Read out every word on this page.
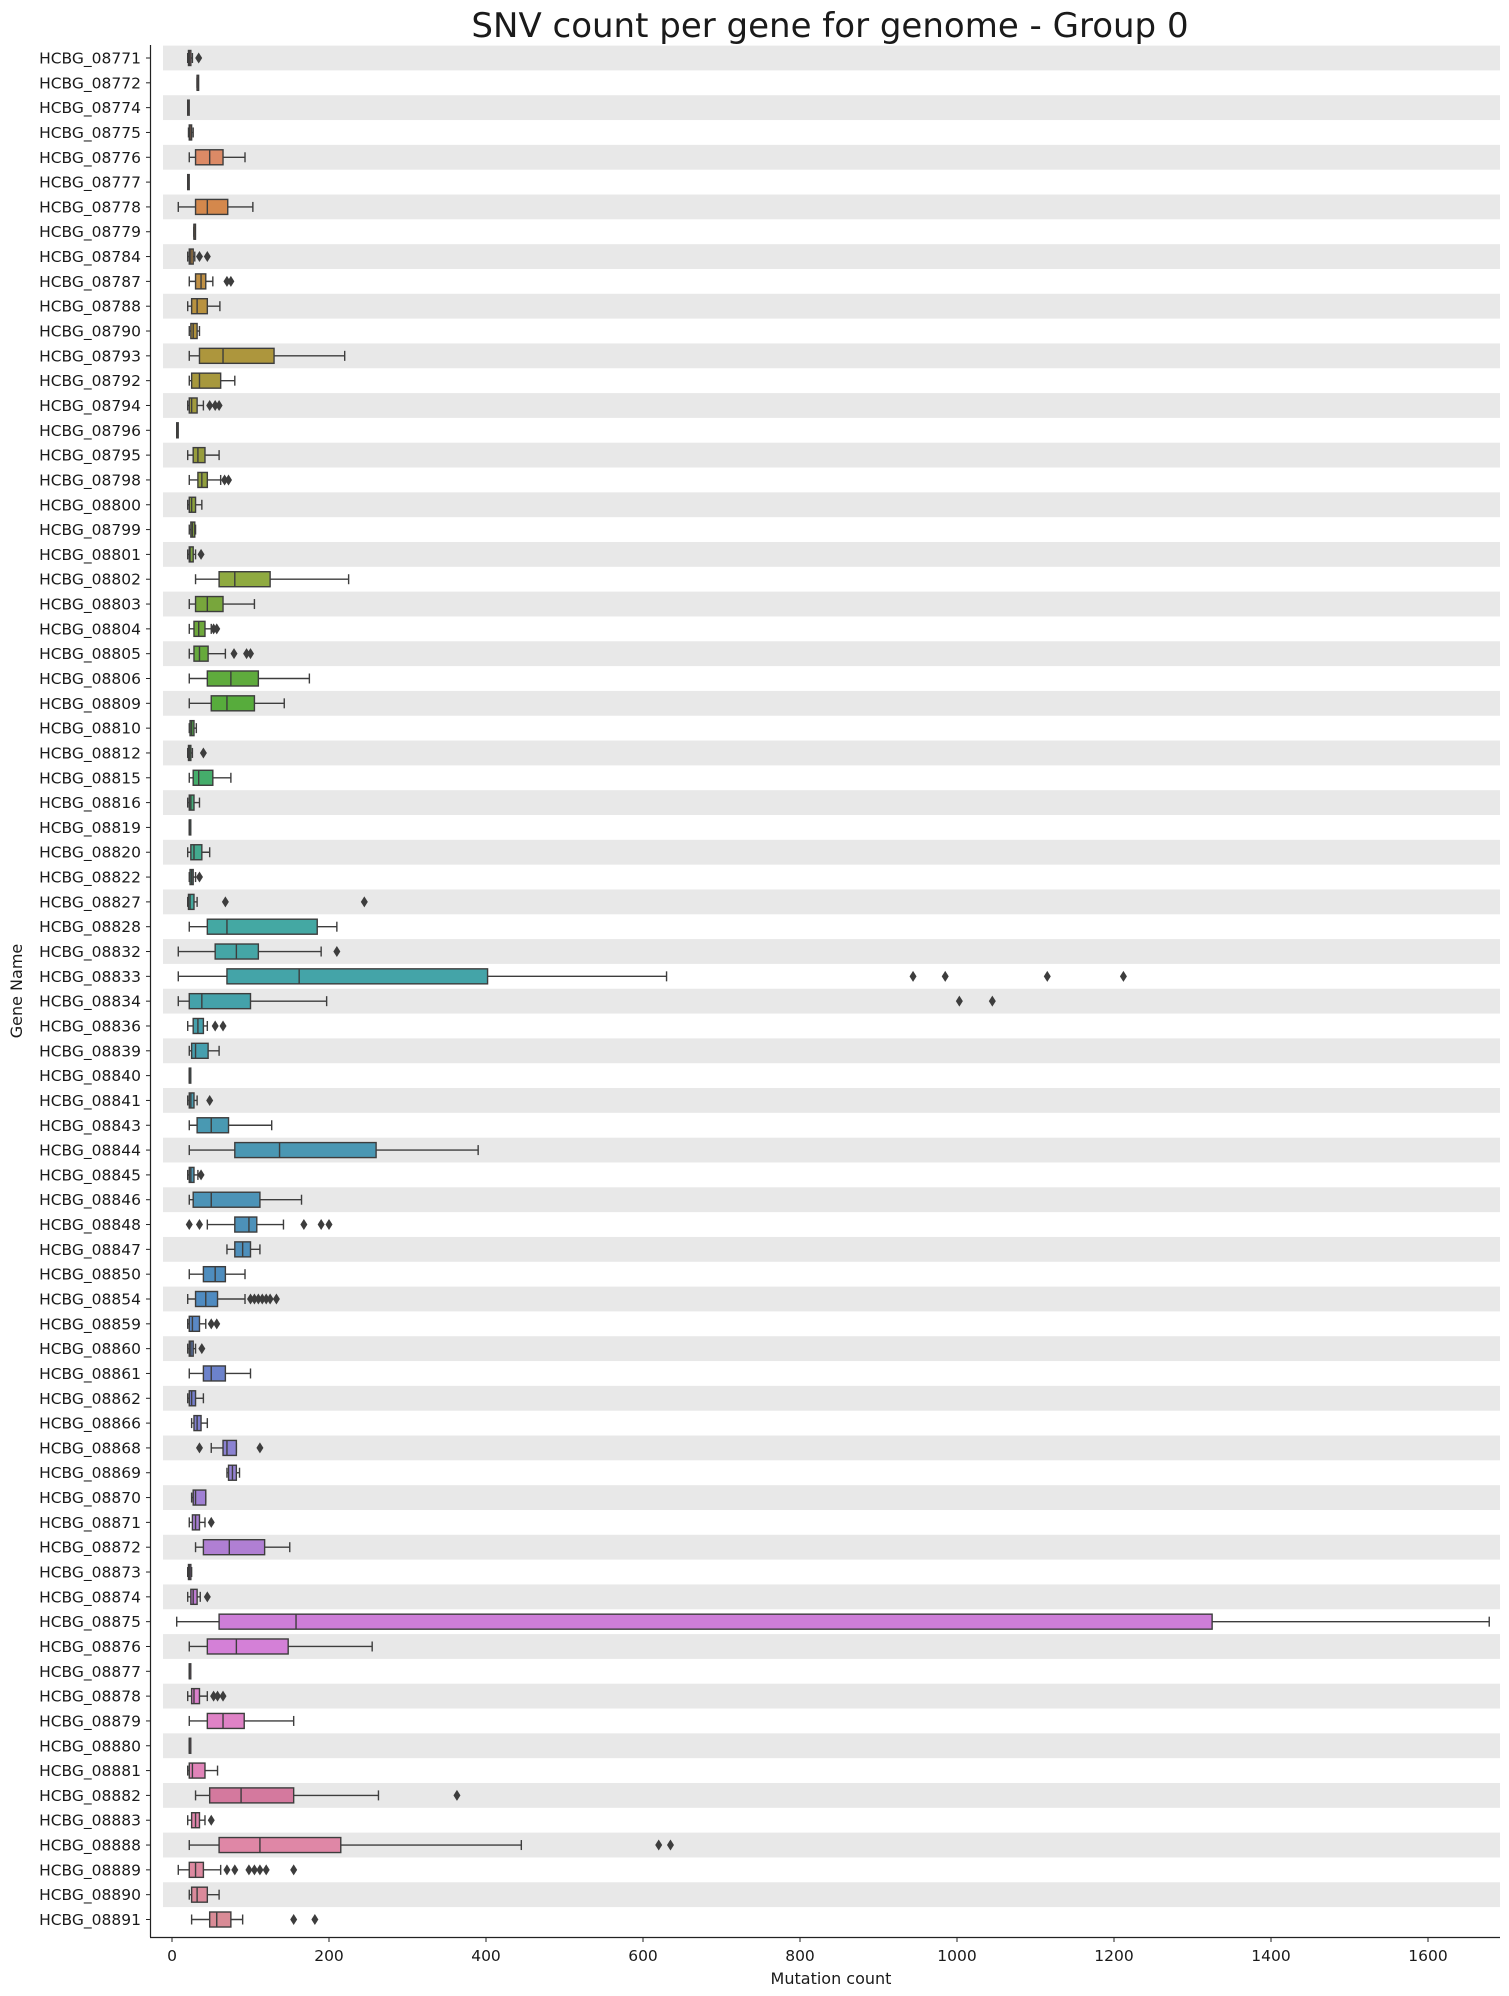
SNV count per gene for genome - Group 0
HCBG_08771
HCBG_08772
HCBG_08774
HCBG_08775
HCBG_08776
HCBG_08777
HCBG_08778
HCBG_08779
HCBG_08784
HCBG_08787
HCBG_08788
HCBG_08790
HCBG_08793
HCBG_08792
HCBG_08794
HCBG_08796
HCBG_08795
HCBG_08798
HCBG_08800
HCBG_08799
HCBG_08801
HCBG_08802
HCBG_08803
HCBG_08804
HCBG_08805
HCBG_08806
HCBG_08809
HCBG_08810
HCBG_08812
HCBG_08815
HCBG_08816
HCBG_08819
HCBG_08820
HCBG_08822
HCBG_08827
HCBG_08828
HCBG_08832
HCBG_08833
HCBG_08834
HCBG_08836
HCBG_08839
HCBG_08840
HCBG_08841
HCBG_08843
HCBG_08844
HCBG_08845
HCBG_08846
HCBG_08848
HCBG_08847
HCBG_08850
HCBG_08854
HCBG_08859
HCBG_08860
HCBG_08861
HCBG_08862
HCBG_08866
HCBG_08868
HCBG_08869
HCBG_08870
HCBG_08871
HCBG_08872
HCBG_08873
HCBG_08874
HCBG_08875
HCBG_08876
HCBG_08877
HCBG_08878
HCBG_08879
HCBG_08880
HCBG_08881
HCBG_08882
HCBG_08883
HCBG_08888
HCBG_08889
HCBG_08890
HCBG_08891
0	200	400	600	800	1000	1200	1400	1600
Mutation count
Gene Name
